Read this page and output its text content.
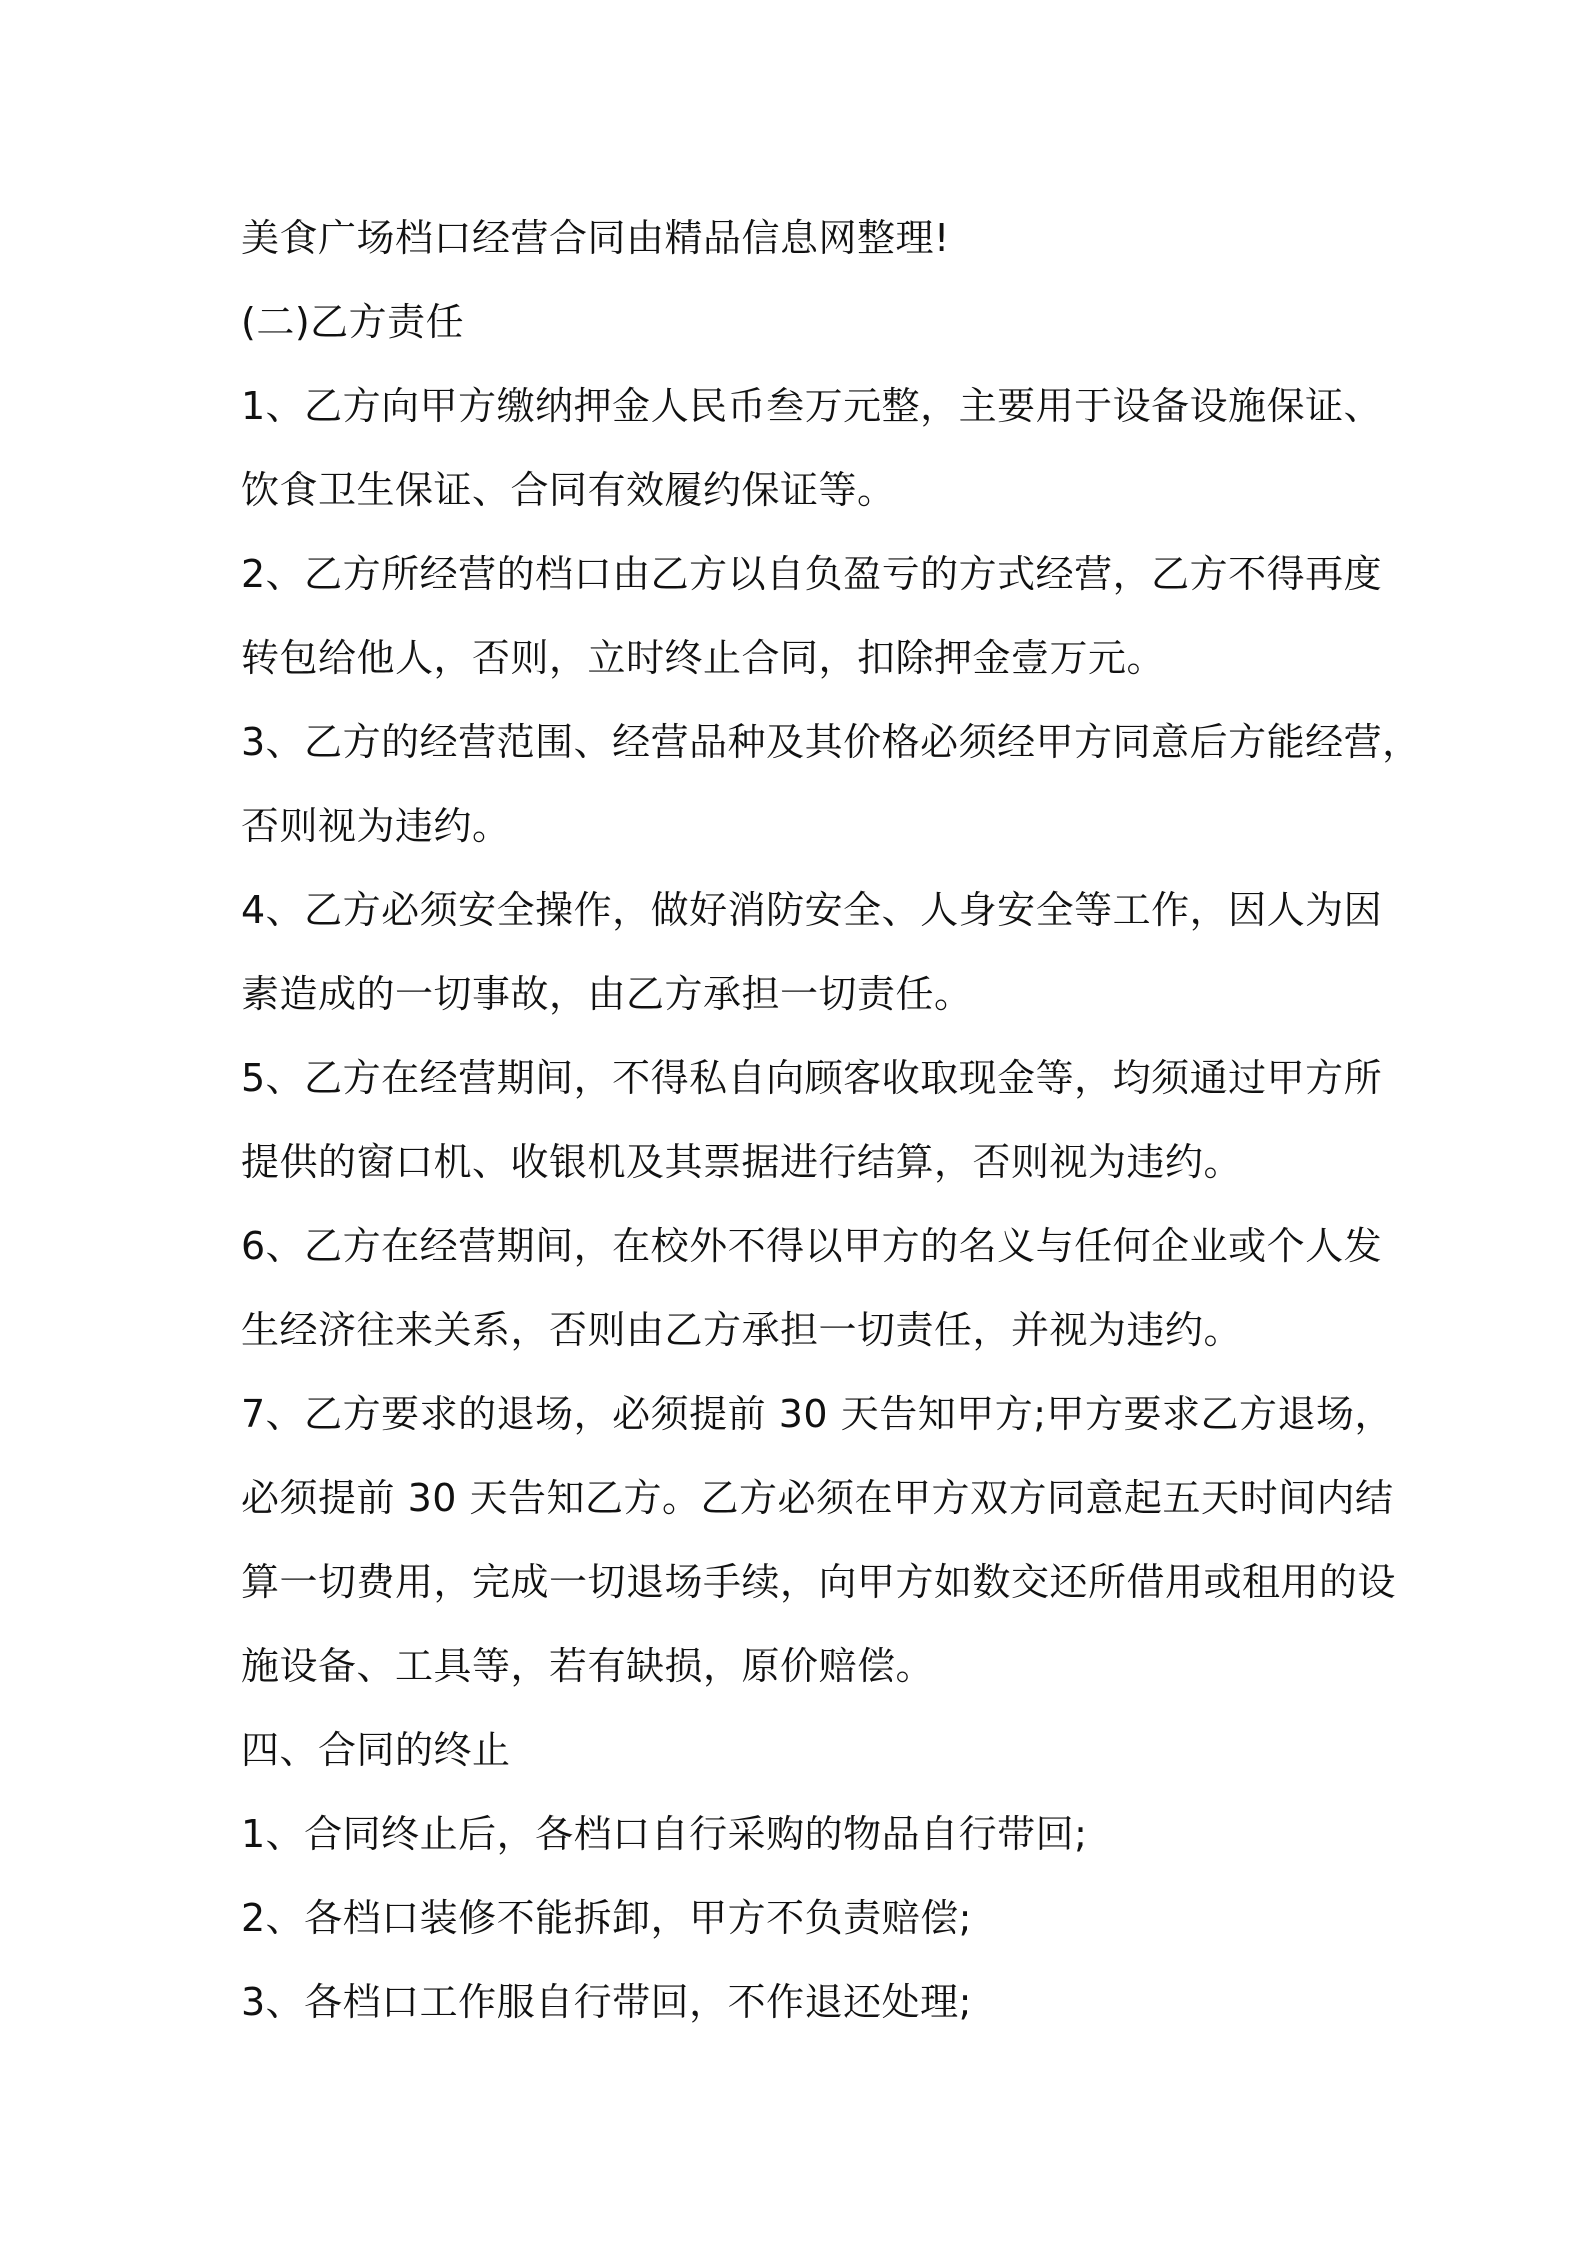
美食广场档口经营合同由精品信息网整理!
(二)乙方责任
1、乙方向甲方缴纳押金人民币叁万元整，主要用于设备设施保证、
饮食卫生保证、合同有效履约保证等。
2、乙方所经营的档口由乙方以自负盈亏的方式经营，乙方不得再度
转包给他人，否则，立时终止合同，扣除押金壹万元。
3、乙方的经营范围、经营品种及其价格必须经甲方同意后方能经营，
否则视为违约。
4、乙方必须安全操作，做好消防安全、人身安全等工作，因人为因
素造成的一切事故，由乙方承担一切责任。
5、乙方在经营期间，不得私自向顾客收取现金等，均须通过甲方所
提供的窗口机、收银机及其票据进行结算，否则视为违约。
6、乙方在经营期间，在校外不得以甲方的名义与任何企业或个人发
生经济往来关系，否则由乙方承担一切责任，并视为违约。
7、乙方要求的退场，必须提前 30 天告知甲方;甲方要求乙方退场，
必须提前 30 天告知乙方。乙方必须在甲方双方同意起五天时间内结
算一切费用，完成一切退场手续，向甲方如数交还所借用或租用的设
施设备、工具等，若有缺损，原价赔偿。
四、合同的终止
1、合同终止后，各档口自行采购的物品自行带回;
2、各档口装修不能拆卸，甲方不负责赔偿;
3、各档口工作服自行带回，不作退还处理;
